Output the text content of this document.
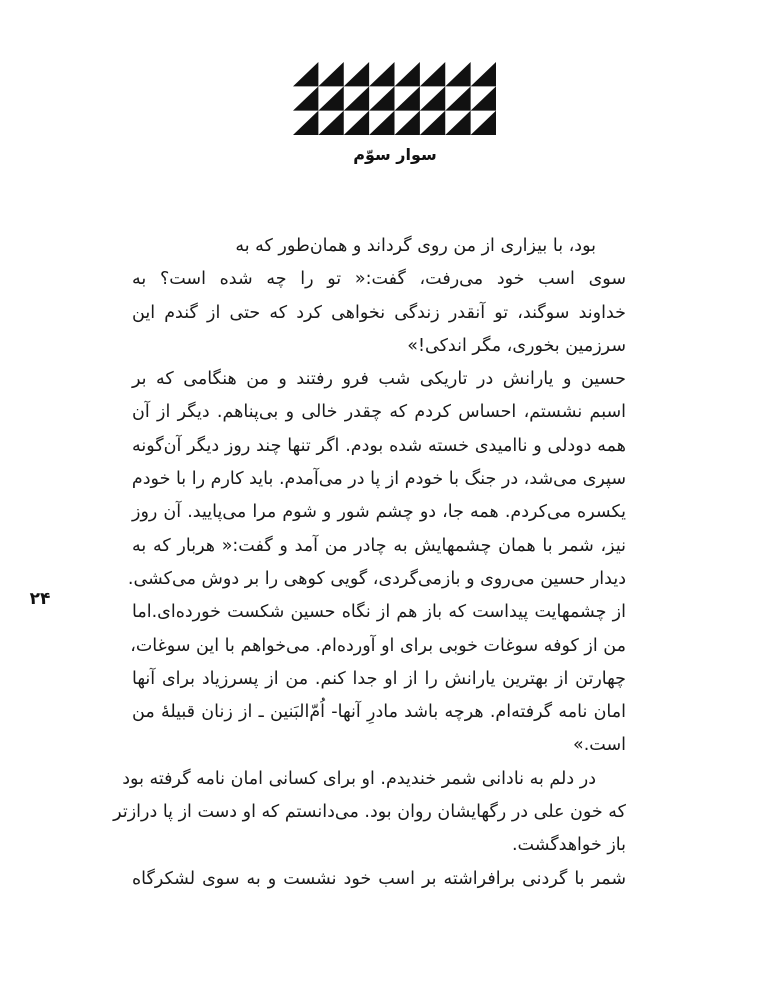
سوار سوّم
۲۴
بود، با بیزاری از من روی گرداند و همان‌طور که به
سوی اسب خود می‌رفت، گفت:« تو را چه شده است؟ به
خداوند سوگند، تو آنقدر زندگی نخواهی کرد که حتی از گندم این
سرزمین بخوری، مگر اندکی!»
حسین و یارانش در تاریکی شب فرو رفتند و من هنگامی که بر
اسبم نشستم، احساس کردم که چقدر خالی و بی‌پناهم. دیگر از آن
همه دودلی و ناامیدی خسته شده بودم. اگر تنها چند روز دیگر آن‌گونه
سپری می‌شد، در جنگ با خودم از پا در می‌آمدم. باید کارم را با خودم
یکسره می‌کردم. همه جا، دو چشم شور و شوم مرا می‌پایید. آن روز
نیز، شمر با همان چشمهایش به چادر من آمد و گفت:« هربار که به
دیدار حسین می‌روی و بازمی‌گردی، گویی کوهی را بر دوش می‌کشی.
از چشمهایت پیداست که باز هم از نگاه حسین شکست خورده‌ای.اما
من از کوفه سوغات خوبی برای او آورده‌ام. می‌خواهم با این سوغات،
چهارتن از بهترین یارانش را از او جدا کنم. من از پسرزیاد برای آنها
امان نامه گرفته‌ام. هرچه باشد مادرِ آنها- اُمّ‌البَنین ـ از زنان قبیلهٔ من
است.»
در دلم به نادانی شمر خندیدم. او برای کسانی امان نامه گرفته بود
که خون علی در رگهایشان روان بود. می‌دانستم که او دست از پا درازتر
باز خواهدگشت.
شمر با گردنی برافراشته بر اسب خود نشست و به سوی لشکرگاه
